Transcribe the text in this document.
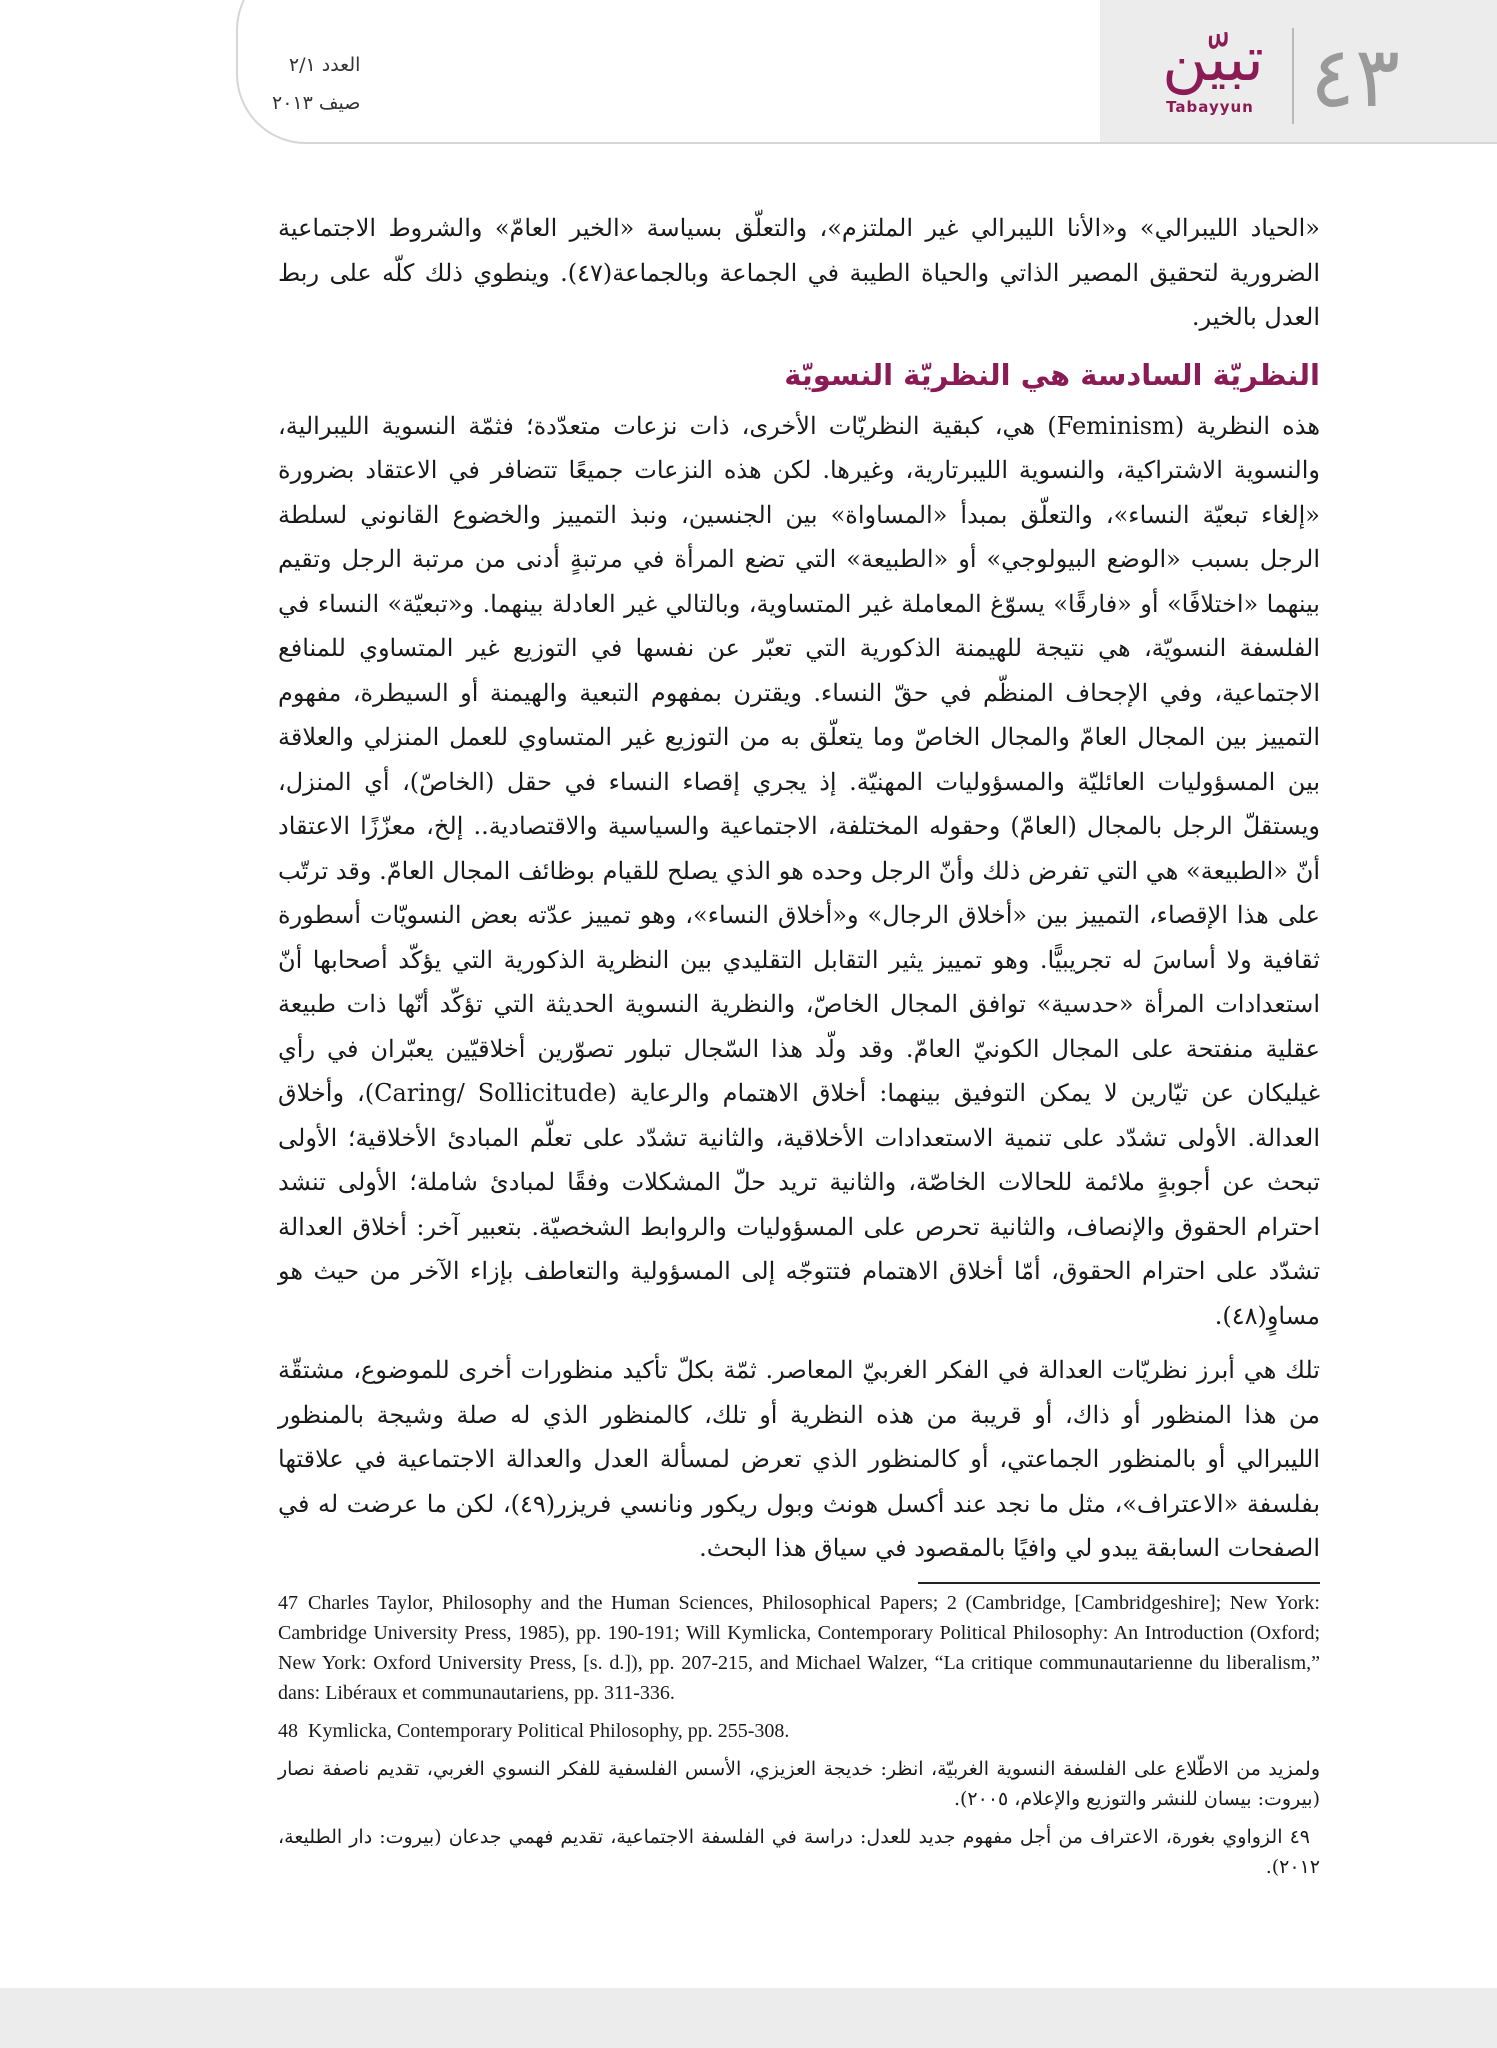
العدد ٢/١
صيف ٢٠١٣
تبيّن
Tabayyun ٤٣

«الحياد الليبرالي» و«الأنا الليبرالي غير الملتزم»، والتعلّق بسياسة «الخير العامّ» والشروط الاجتماعية الضرورية لتحقيق المصير الذاتي والحياة الطيبة في الجماعة وبالجماعة(٤٧). وينطوي ذلك كلّه على ربط العدل بالخير.

النظريّة السادسة هي النظريّة النسويّة

هذه النظرية (Feminism) هي، كبقية النظريّات الأخرى، ذات نزعات متعدّدة؛ فثمّة النسوية الليبرالية، والنسوية الاشتراكية، والنسوية الليبرتارية، وغيرها. لكن هذه النزعات جميعًا تتضافر في الاعتقاد بضرورة «إلغاء تبعيّة النساء»، والتعلّق بمبدأ «المساواة» بين الجنسين، ونبذ التمييز والخضوع القانوني لسلطة الرجل بسبب «الوضع البيولوجي» أو «الطبيعة» التي تضع المرأة في مرتبةٍ أدنى من مرتبة الرجل وتقيم بينهما «اختلافًا» أو «فارقًا» يسوّغ المعاملة غير المتساوية، وبالتالي غير العادلة بينهما. و«تبعيّة» النساء في الفلسفة النسويّة، هي نتيجة للهيمنة الذكورية التي تعبّر عن نفسها في التوزيع غير المتساوي للمنافع الاجتماعية، وفي الإجحاف المنظّم في حقّ النساء. ويقترن بمفهوم التبعية والهيمنة أو السيطرة، مفهوم التمييز بين المجال العامّ والمجال الخاصّ وما يتعلّق به من التوزيع غير المتساوي للعمل المنزلي والعلاقة بين المسؤوليات العائليّة والمسؤوليات المهنيّة. إذ يجري إقصاء النساء في حقل (الخاصّ)، أي المنزل، ويستقلّ الرجل بالمجال (العامّ) وحقوله المختلفة، الاجتماعية والسياسية والاقتصادية.. إلخ، معزّزًا الاعتقاد أنّ «الطبيعة» هي التي تفرض ذلك وأنّ الرجل وحده هو الذي يصلح للقيام بوظائف المجال العامّ. وقد ترتّب على هذا الإقصاء، التمييز بين «أخلاق الرجال» و«أخلاق النساء»، وهو تمييز عدّته بعض النسويّات أسطورة ثقافية ولا أساسَ له تجريبيًّا. وهو تمييز يثير التقابل التقليدي بين النظرية الذكورية التي يؤكّد أصحابها أنّ استعدادات المرأة «حدسية» توافق المجال الخاصّ، والنظرية النسوية الحديثة التي تؤكّد أنّها ذات طبيعة عقلية منفتحة على المجال الكونيّ العامّ. وقد ولّد هذا السّجال تبلور تصوّرين أخلاقيّين يعبّران في رأي غيليكان عن تيّارين لا يمكن التوفيق بينهما: أخلاق الاهتمام والرعاية (Caring/ Sollicitude)، وأخلاق العدالة. الأولى تشدّد على تنمية الاستعدادات الأخلاقية، والثانية تشدّد على تعلّم المبادئ الأخلاقية؛ الأولى تبحث عن أجوبةٍ ملائمة للحالات الخاصّة، والثانية تريد حلّ المشكلات وفقًا لمبادئ شاملة؛ الأولى تنشد احترام الحقوق والإنصاف، والثانية تحرص على المسؤوليات والروابط الشخصيّة. بتعبير آخر: أخلاق العدالة تشدّد على احترام الحقوق، أمّا أخلاق الاهتمام فتتوجّه إلى المسؤولية والتعاطف بإزاء الآخر من حيث هو مساوٍ(٤٨).

تلك هي أبرز نظريّات العدالة في الفكر الغربيّ المعاصر. ثمّة بكلّ تأكيد منظورات أخرى للموضوع، مشتقّة من هذا المنظور أو ذاك، أو قريبة من هذه النظرية أو تلك، كالمنظور الذي له صلة وشيجة بالمنظور الليبرالي أو بالمنظور الجماعتي، أو كالمنظور الذي تعرض لمسألة العدل والعدالة الاجتماعية في علاقتها بفلسفة «الاعتراف»، مثل ما نجد عند أكسل هونث وبول ريكور ونانسي فريزر(٤٩)، لكن ما عرضت له في الصفحات السابقة يبدو لي وافيًا بالمقصود في سياق هذا البحث.

47 Charles Taylor, Philosophy and the Human Sciences, Philosophical Papers; 2 (Cambridge, [Cambridgeshire]; New York: Cambridge University Press, 1985), pp. 190-191; Will Kymlicka, Contemporary Political Philosophy: An Introduction (Oxford; New York: Oxford University Press, [s. d.]), pp. 207-215, and Michael Walzer, “La critique communautarienne du liberalism,” dans: Libéraux et communautariens, pp. 311-336.

48 Kymlicka, Contemporary Political Philosophy, pp. 255-308.

ولمزيد من الاطّلاع على الفلسفة النسوية الغربيّة، انظر: خديجة العزيزي، الأسس الفلسفية للفكر النسوي الغربي، تقديم ناصفة نصار (بيروت: بيسان للنشر والتوزيع والإعلام، ٢٠٠٥).

٤٩ الزواوي بغورة، الاعتراف من أجل مفهوم جديد للعدل: دراسة في الفلسفة الاجتماعية، تقديم فهمي جدعان (بيروت: دار الطليعة، ٢٠١٢).
